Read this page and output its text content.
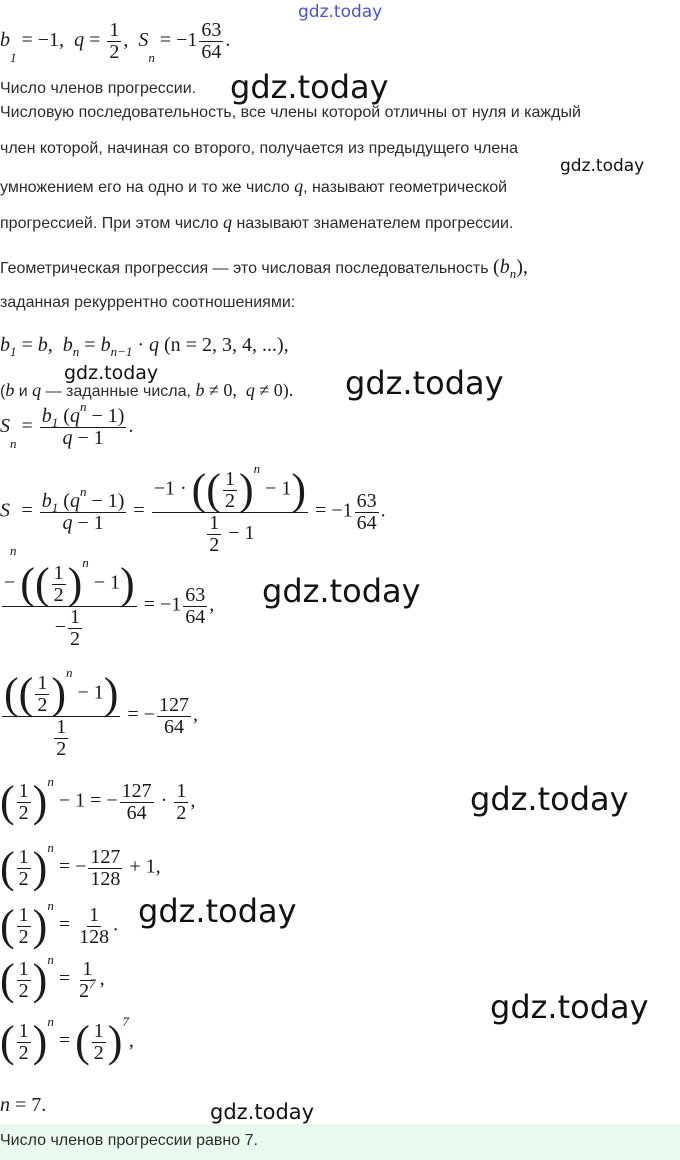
gdz.today
gdz.today
gdz.today
gdz.today	gdz.today
gdz.today
gdz.today
gdz.today
gdz.today
gdz.today
b1 = −1,  $q = \frac{1}{2}$ ,  $Sn = -1 \frac{63}{64}$ .
Число членов прогрессии.
Числовую последовательность, все члены которой отличны от нуля и каждый
член которой, начиная со второго, получается из предыдущего члена
умножением его на одно и то же число q, называют геометрической
прогрессией. При этом число q называют знаменателем прогрессии.
Геометрическая прогрессия — это числовая последовательность (bn),
заданная рекуррентно соотношениями:
b1 = b,  bn = bn−1 · q (n = 2, 3, 4, ...),
(b и q — заданные числа, b ≠ 0,  q ≠ 0).
$Sn = \frac{b1 (q^n - 1)}{q - 1}$ .
$Sn = \frac{b1 (q^n - 1)}{q - 1} = \frac{-1 \cdot (( \frac{1}{2} )^n - 1)}{\frac{1}{2} - 1} = -1 \frac{63}{64}$ .
$\frac{- (( \frac{1}{2} )^n - 1)}{- \frac{1}{2}} = -1 \frac{63}{64}$ ,
$\frac{(( \frac{1}{2} )^n - 1)}{\frac{1}{2}}$ = − $\frac{127}{64}$ ,
( $\frac{1}{2} )^n - 1$ = − $\frac{127}{64} \cdot \frac{1}{2}$ ,
( $\frac{1}{2} )^n$ = − $\frac{127}{128} + 1$,
( $\frac{1}{2} )^n = \frac{1}{128}$ .
( $\frac{1}{2} )^n = \frac{1}{2^7}$ ,
( $\frac{1}{2} )^n$ = ( $\frac{1}{2} )^7$,
n = 7.
Число членов прогрессии равно 7.
